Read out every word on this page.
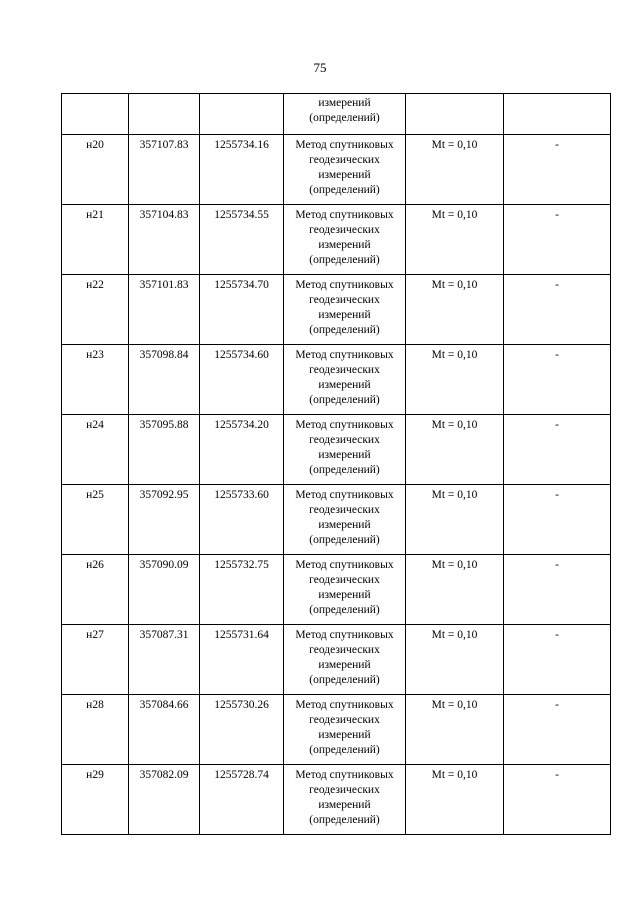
75

			измерений
(определений)		

н20	357107.83	1255734.16	Метод спутниковых
геодезических
измерений
(определений)	Mt = 0,10	-
н21	357104.83	1255734.55	Метод спутниковых
геодезических
измерений
(определений)	Mt = 0,10	-
н22	357101.83	1255734.70	Метод спутниковых
геодезических
измерений
(определений)	Mt = 0,10	-
н23	357098.84	1255734.60	Метод спутниковых
геодезических
измерений
(определений)	Mt = 0,10	-
н24	357095.88	1255734.20	Метод спутниковых
геодезических
измерений
(определений)	Mt = 0,10	-
н25	357092.95	1255733.60	Метод спутниковых
геодезических
измерений
(определений)	Mt = 0,10	-
н26	357090.09	1255732.75	Метод спутниковых
геодезических
измерений
(определений)	Mt = 0,10	-
н27	357087.31	1255731.64	Метод спутниковых
геодезических
измерений
(определений)	Mt = 0,10	-
н28	357084.66	1255730.26	Метод спутниковых
геодезических
измерений
(определений)	Mt = 0,10	-
н29	357082.09	1255728.74	Метод спутниковых
геодезических
измерений
(определений)	Mt = 0,10	-
